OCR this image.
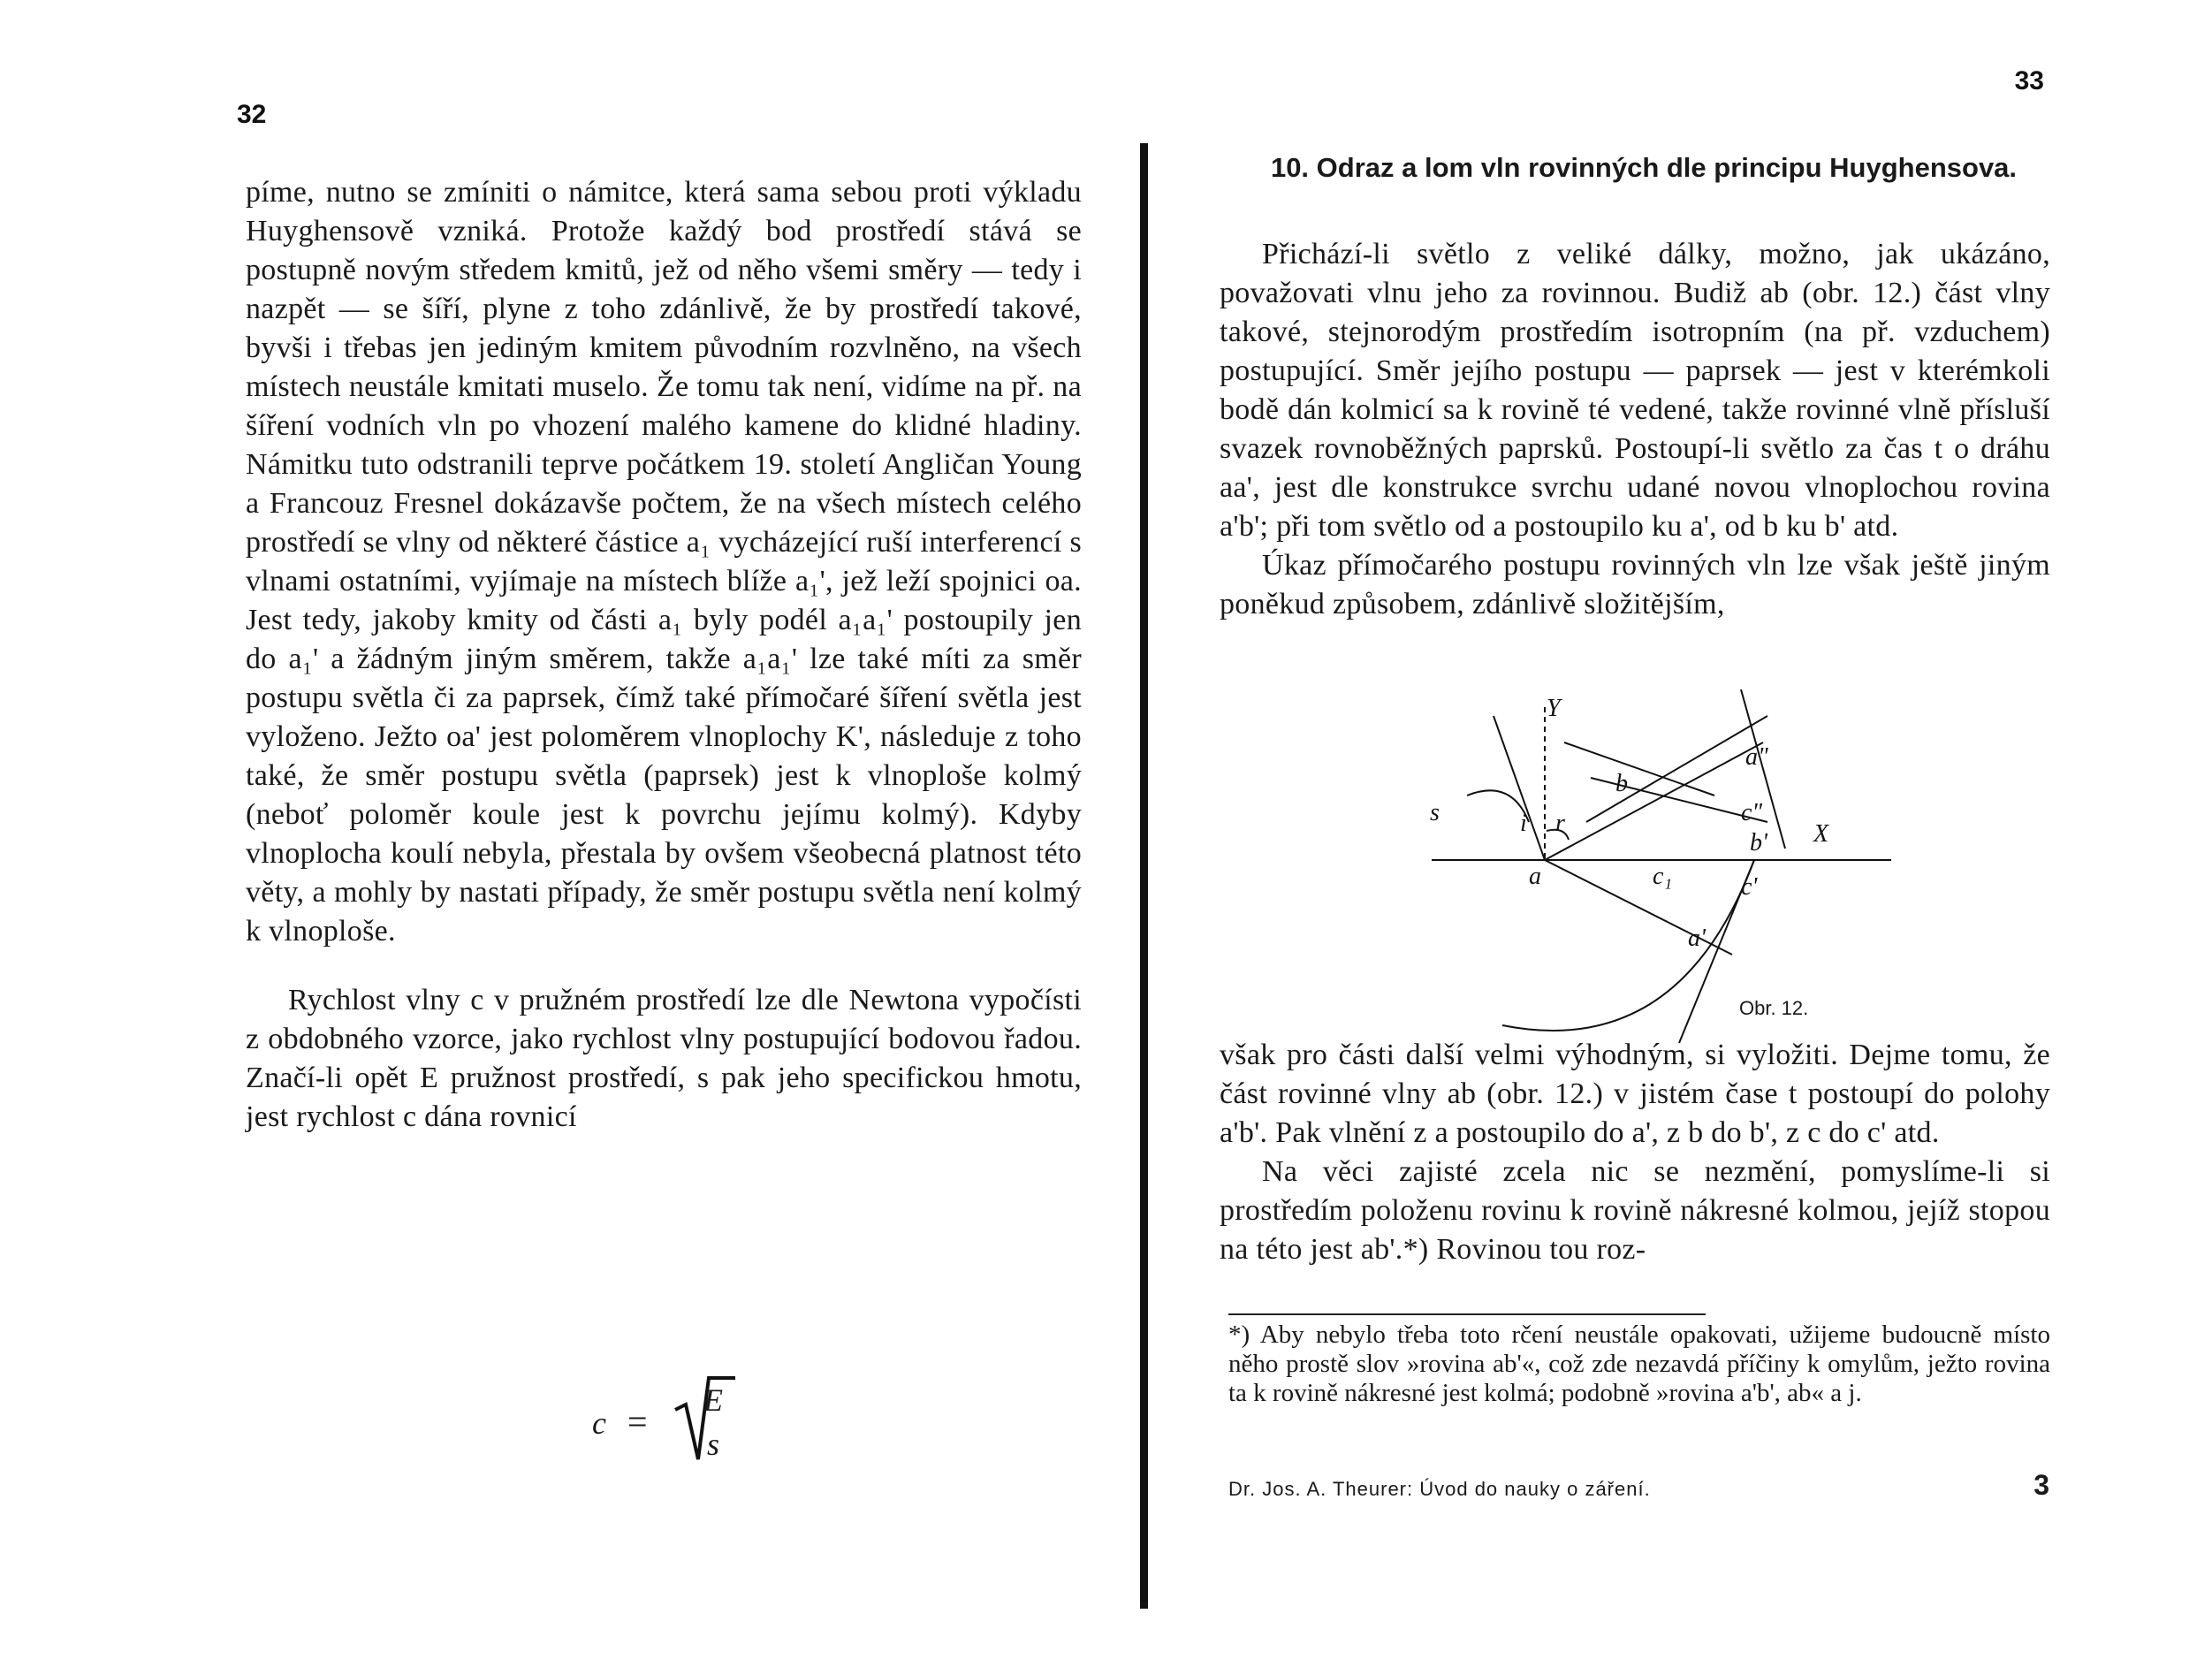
32

píme, nutno se zmíniti o námitce, která sama sebou proti výkladu Huyghensově vzniká. Protože každý bod prostředí stává se postupně novým středem kmitů, jež od něho všemi směry — tedy i nazpět — se šíří, plyne z toho zdánlivě, že by prostředí takové, byvši i třebas jen jediným kmitem původním rozvlněno, na všech místech neustále kmitati muselo. Že tomu tak není, vidíme na př. na šíření vodních vln po vhození malého kamene do klidné hladiny. Námitku tuto odstranili teprve počátkem 19. století Angličan Young a Francouz Fresnel dokázavše počtem, že na všech místech celého prostředí se vlny od některé částice a₁ vycházející ruší interferencí s vlnami ostatními, vyjímaje na místech blíže a₁', jež leží spojnici oa. Jest tedy, jakoby kmity od části a₁ byly podél a₁a₁' postoupily jen do a₁' a žádným jiným směrem, takže a₁a₁' lze také míti za směr postupu světla či za paprsek, čímž také přímočaré šíření světla jest vyloženo. Ježto oa' jest poloměrem vlnoplochy K', následuje z toho také, že směr postupu světla (paprsek) jest k vlnoploše kolmý (neboť poloměr koule jest k povrchu jejímu kolmý). Kdyby vlnoplocha koulí nebyla, přestala by ovšem všeobecná platnost této věty, a mohly by nastati případy, že směr postupu světla není kolmý k vlnoploše.

Rychlost vlny c v pružném prostředí lze dle Newtona vypočísti z obdobného vzorce, jako rychlost vlny postupující bodovou řadou. Značí-li opět E pružnost prostředí, s pak jeho specifickou hmotu, jest rychlost c dána rovnicí

c =
E
s
33
10. Odraz a lom vln rovinných dle principu Huyghensova.

Přichází-li světlo z veliké dálky, možno, jak ukázáno, považovati vlnu jeho za rovinnou. Budiž ab (obr. 12.) část vlny takové, stejnorodým prostředím isotropním (na př. vzduchem) postupující. Směr jejího postupu — paprsek — jest v kterémkoli bodě dán kolmicí sa k rovině té vedené, takže rovinné vlně přísluší svazek rovnoběžných paprsků. Postoupí-li světlo za čas t o dráhu aa', jest dle konstrukce svrchu udané novou vlnoplochou rovina a'b'; při tom světlo od a postoupilo ku a', od b ku b' atd.

Úkaz přímočarého postupu rovinných vln lze však ještě jiným poněkud způsobem, zdánlivě složitějším,

Y
b
a"
c"
s	i r
b' X
a	c₁	c'
a'
Obr. 12.

však pro části další velmi výhodným, si vyložiti. Dejme tomu, že část rovinné vlny ab (obr. 12.) v jistém čase t postoupí do polohy a'b'. Pak vlnění z a postoupilo do a', z b do b', z c do c' atd.

Na věci zajisté zcela nic se nezmění, pomyslíme-li si prostředím položenu rovinu k rovině nákresné kolmou, jejíž stopou na této jest ab'.*) Rovinou tou roz-

*) Aby nebylo třeba toto rčení neustále opakovati, užijeme budoucně místo něho prostě slov »rovina ab'«, což zde nezavdá příčiny k omylům, ježto rovina ta k rovině nákresné jest kolmá; podobně »rovina a'b', ab« a j.
Dr. Jos. A. Theurer: Úvod do nauky o záření.	3
